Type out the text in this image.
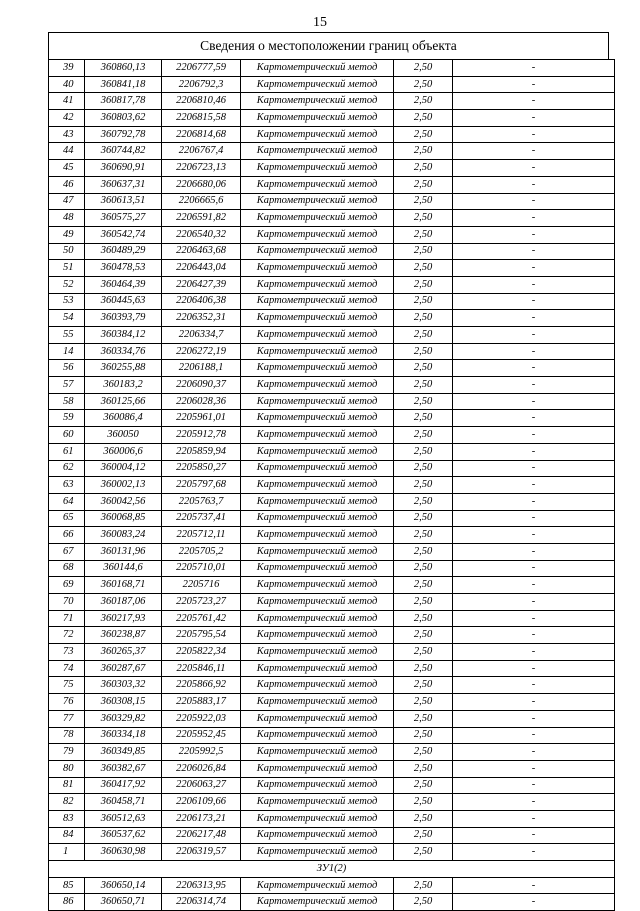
15
Сведения о местоположении границ объекта
39	360860,13	2206777,59	Картометрический метод	2,50	-
40	360841,18	2206792,3	Картометрический метод	2,50	-
41	360817,78	2206810,46	Картометрический метод	2,50	-
42	360803,62	2206815,58	Картометрический метод	2,50	-
43	360792,78	2206814,68	Картометрический метод	2,50	-
44	360744,82	2206767,4	Картометрический метод	2,50	-
45	360690,91	2206723,13	Картометрический метод	2,50	-
46	360637,31	2206680,06	Картометрический метод	2,50	-
47	360613,51	2206665,6	Картометрический метод	2,50	-
48	360575,27	2206591,82	Картометрический метод	2,50	-
49	360542,74	2206540,32	Картометрический метод	2,50	-
50	360489,29	2206463,68	Картометрический метод	2,50	-
51	360478,53	2206443,04	Картометрический метод	2,50	-
52	360464,39	2206427,39	Картометрический метод	2,50	-
53	360445,63	2206406,38	Картометрический метод	2,50	-
54	360393,79	2206352,31	Картометрический метод	2,50	-
55	360384,12	2206334,7	Картометрический метод	2,50	-
14	360334,76	2206272,19	Картометрический метод	2,50	-
56	360255,88	2206188,1	Картометрический метод	2,50	-
57	360183,2	2206090,37	Картометрический метод	2,50	-
58	360125,66	2206028,36	Картометрический метод	2,50	-
59	360086,4	2205961,01	Картометрический метод	2,50	-
60	360050	2205912,78	Картометрический метод	2,50	-
61	360006,6	2205859,94	Картометрический метод	2,50	-
62	360004,12	2205850,27	Картометрический метод	2,50	-
63	360002,13	2205797,68	Картометрический метод	2,50	-
64	360042,56	2205763,7	Картометрический метод	2,50	-
65	360068,85	2205737,41	Картометрический метод	2,50	-
66	360083,24	2205712,11	Картометрический метод	2,50	-
67	360131,96	2205705,2	Картометрический метод	2,50	-
68	360144,6	2205710,01	Картометрический метод	2,50	-
69	360168,71	2205716	Картометрический метод	2,50	-
70	360187,06	2205723,27	Картометрический метод	2,50	-
71	360217,93	2205761,42	Картометрический метод	2,50	-
72	360238,87	2205795,54	Картометрический метод	2,50	-
73	360265,37	2205822,34	Картометрический метод	2,50	-
74	360287,67	2205846,11	Картометрический метод	2,50	-
75	360303,32	2205866,92	Картометрический метод	2,50	-
76	360308,15	2205883,17	Картометрический метод	2,50	-
77	360329,82	2205922,03	Картометрический метод	2,50	-
78	360334,18	2205952,45	Картометрический метод	2,50	-
79	360349,85	2205992,5	Картометрический метод	2,50	-
80	360382,67	2206026,84	Картометрический метод	2,50	-
81	360417,92	2206063,27	Картометрический метод	2,50	-
82	360458,71	2206109,66	Картометрический метод	2,50	-
83	360512,63	2206173,21	Картометрический метод	2,50	-
84	360537,62	2206217,48	Картометрический метод	2,50	-
1	360630,98	2206319,57	Картометрический метод	2,50	-
ЗУ1(2)					
85	360650,14	2206313,95	Картометрический метод	2,50	-
86	360650,71	2206314,74	Картометрический метод	2,50	-
